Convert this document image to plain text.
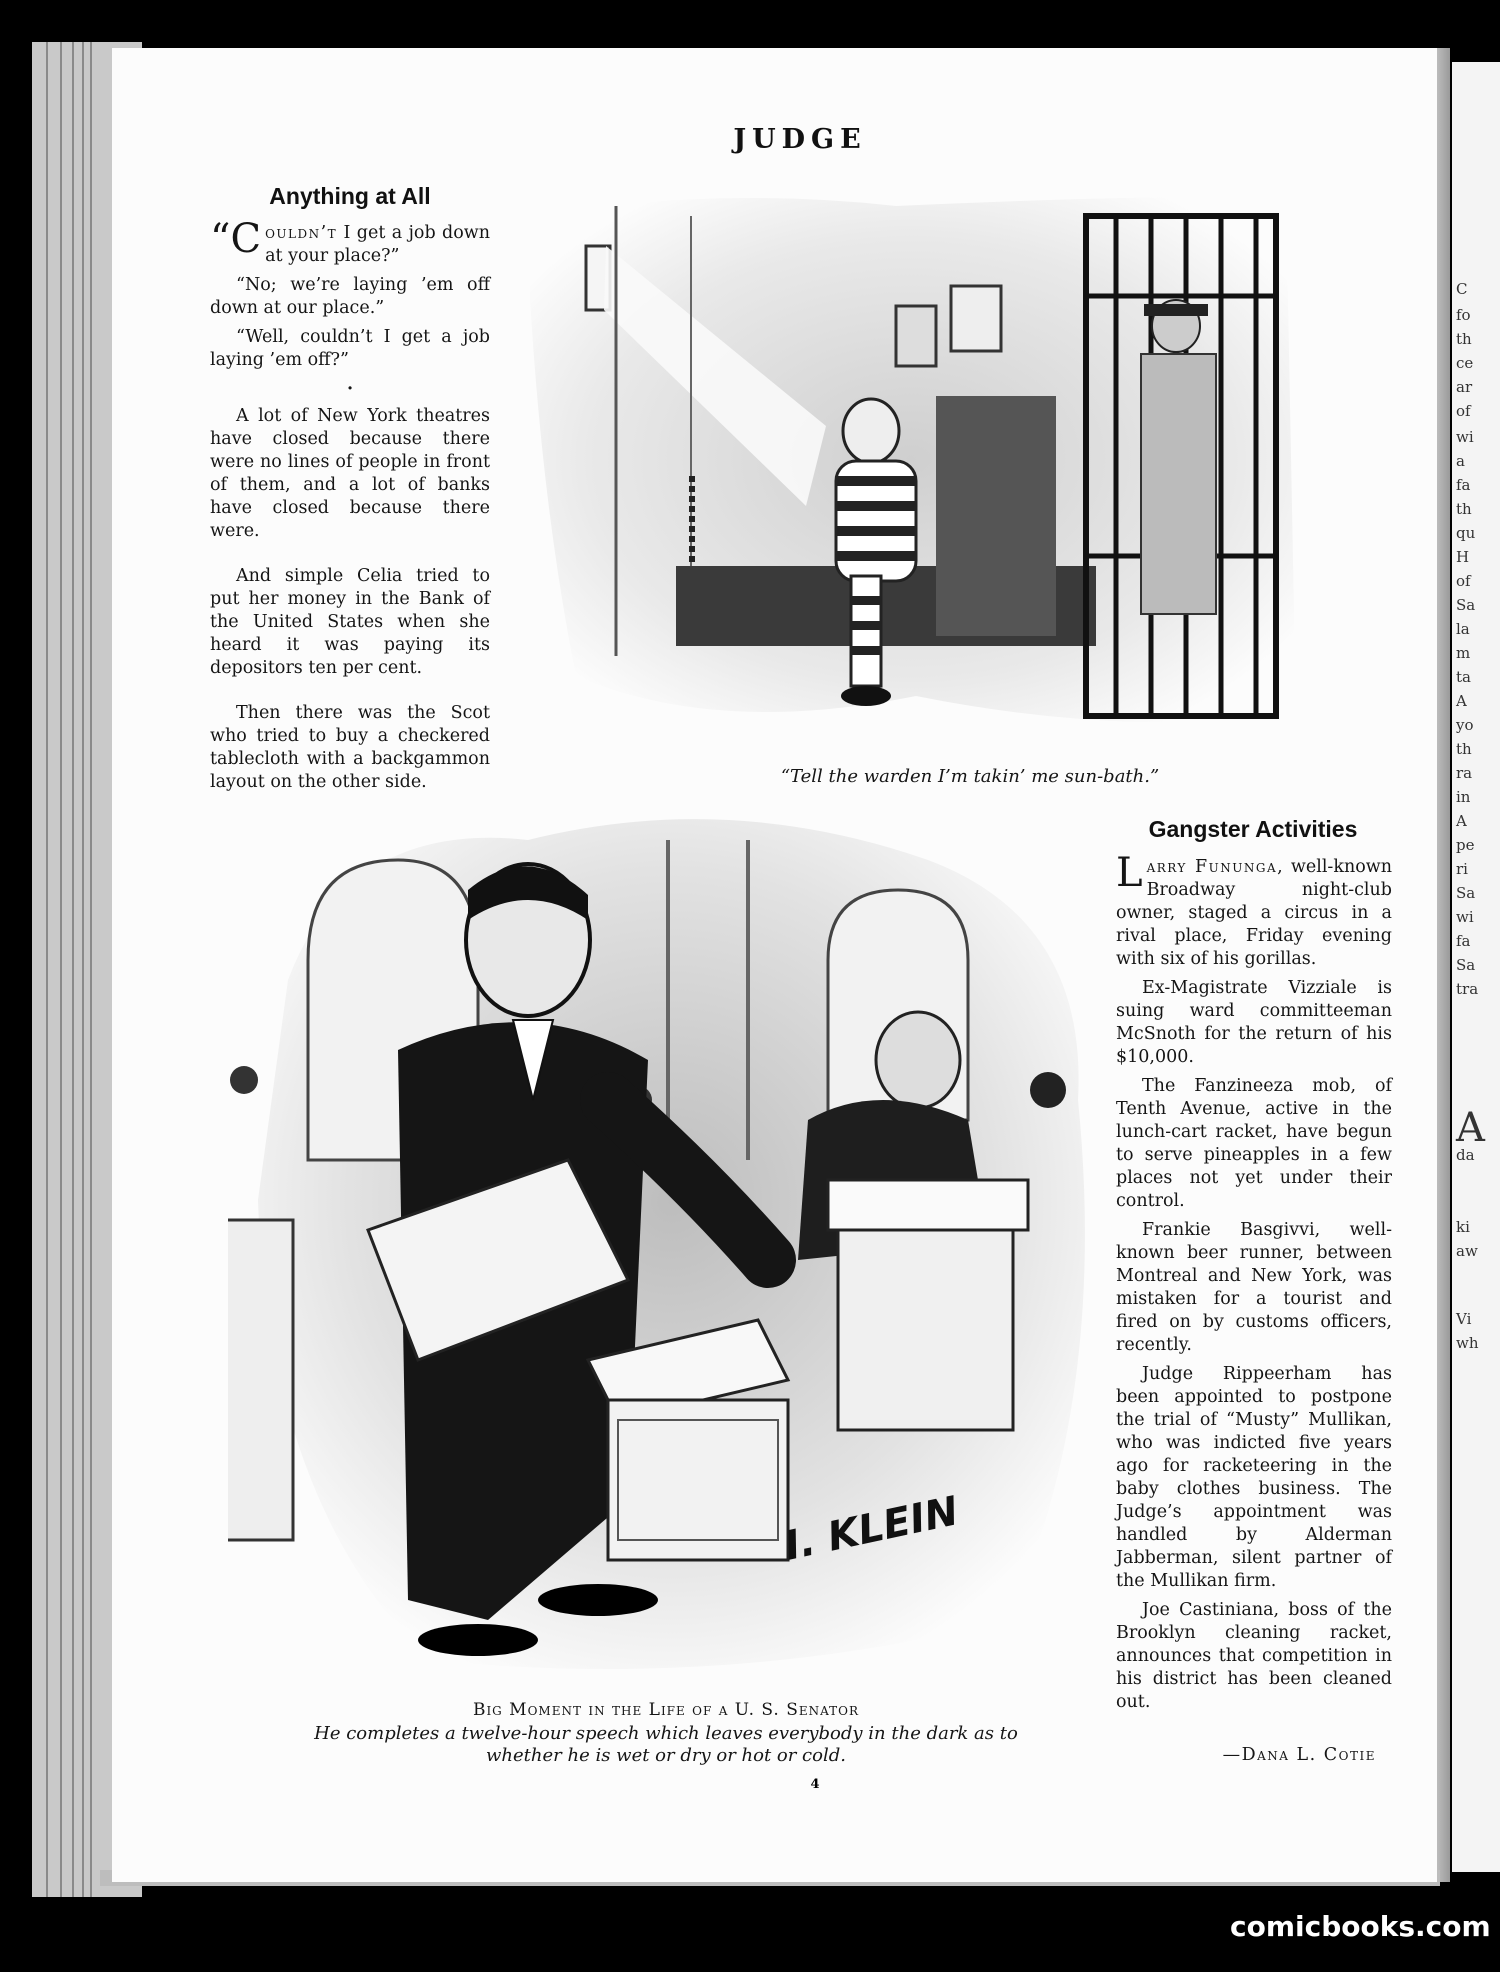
C
fo
th
ce
ar
of
wi
a
fa
th
qu
H
of
Sa
la
m
ta
A
yo
th
ra
in
A
pe
ri
Sa
wi
fa
Sa
tra
A
da
ki
aw
Vi
wh
JUDGE
Anything at All

“Couldn’t I get a job down at your place?”

“No; we’re laying ’em off down at our place.”

“Well, couldn’t I get a job laying ’em off?”

·

A lot of New York theatres have closed because there were no lines of people in front of them, and a lot of banks have closed because there were.

And simple Celia tried to put her money in the Bank of the United States when she heard it was paying its depositors ten per cent.

Then there was the Scot who tried to buy a checkered tablecloth with a backgammon layout on the other side.	“Tell the warden I’m takin’ me sun-bath.”
I. KLEIN
Big Moment in the Life of a U. S. Senator
He completes a twelve-hour speech which leaves everybody in the dark as to whether he is wet or dry or hot or cold.
Gangster Activities

Larry Fununga, well-known Broadway night-club owner, staged a circus in a rival place, Friday evening with six of his gorillas.

Ex-Magistrate Vizziale is suing ward committeeman McSnoth for the return of his $10,000.

The Fanzineeza mob, of Tenth Avenue, active in the lunch-cart racket, have begun to serve pineapples in a few places not yet under their control.

Frankie Basgivvi, well-known beer runner, between Montreal and New York, was mistaken for a tourist and fired on by customs officers, recently.

Judge Rippeerham has been appointed to postpone the trial of “Musty” Mullikan, who was indicted five years ago for racketeering in the baby clothes business. The Judge’s appointment was handled by Alderman Jabberman, silent partner of the Mullikan firm.

Joe Castiniana, boss of the Brooklyn cleaning racket, announces that competition in his district has been cleaned out.

—Dana L. Cotie
4
comicbooks.com
